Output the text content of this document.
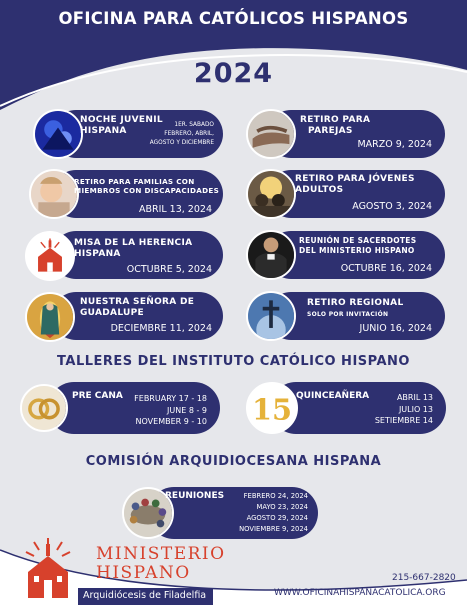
OFICINA PARA CATÓLICOS HISPANOS
2024
NOCHE JUVENIL
HISPANA
1ER. SABADO
FEBRERO, ABRIL,
AGOSTO Y DICIEMBRE
RETIRO PARA
PAREJAS
MARZO 9, 2024
RETIRO PARA FAMILIAS CON
MIEMBROS CON DISCAPACIDADES
ABRIL 13, 2024
RETIRO PARA JÓVENES
ADULTOS
AGOSTO 3, 2024
MISA DE LA HERENCIA
HISPANA
OCTUBRE 5, 2024
REUNIÓN DE SACERDOTES
DEL MINISTERIO HISPANO
OCTUBRE 16, 2024
NUESTRA SEÑORA DE
GUADALUPE
DECIEMBRE 11, 2024
RETIRO REGIONAL
SOLO POR INVITACIÓN
JUNIO 16, 2024
TALLERES DEL INSTITUTO CATÓLICO HISPANO
PRE CANA	FEBRUARY 17 - 18
JUNE 8 - 9
NOVEMBER 9 - 10 15 QUINCEAÑERA	ABRIL 13
JULIO 13
SETIEMBRE 14
COMISIÓN ARQUIDIOCESANA HISPANA
REUNIONES	FEBRERO 24, 2024
MAYO 23, 2024
AGOSTO 29, 2024
NOVIEMBRE 9, 2024
MINISTERIO
HISPANO
Arquidiócesis de Filadelfia
215-667-2820
WWW.OFICINAHISPANACATOLICA.ORG
